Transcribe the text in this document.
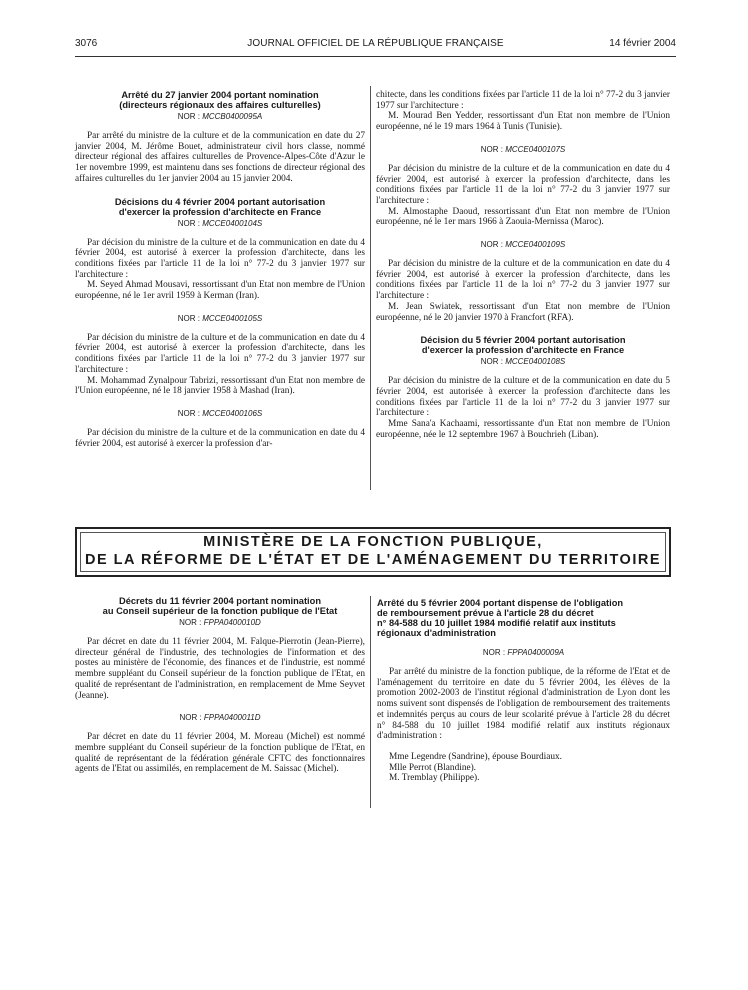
3076	JOURNAL OFFICIEL DE LA RÉPUBLIQUE FRANÇAISE	14 février 2004
Arrêté du 27 janvier 2004 portant nomination
(directeurs régionaux des affaires culturelles)
NOR : MCCB0400095A

Par arrêté du ministre de la culture et de la communication en date du 27 janvier 2004, M. Jérôme Bouet, administrateur civil hors classe, nommé directeur régional des affaires culturelles de Provence-Alpes-Côte d'Azur le 1er novembre 1999, est maintenu dans ses fonctions de directeur régional des affaires culturelles du 1er janvier 2004 au 15 janvier 2004.

Décisions du 4 février 2004 portant autorisation
d'exercer la profession d'architecte en France
NOR : MCCE0400104S

Par décision du ministre de la culture et de la communication en date du 4 février 2004, est autorisé à exercer la profession d'architecte, dans les conditions fixées par l'article 11 de la loi n° 77-2 du 3 janvier 1977 sur l'architecture :

M. Seyed Ahmad Mousavi, ressortissant d'un Etat non membre de l'Union européenne, né le 1er avril 1959 à Kerman (Iran).

NOR : MCCE0400105S

Par décision du ministre de la culture et de la communication en date du 4 février 2004, est autorisé à exercer la profession d'architecte, dans les conditions fixées par l'article 11 de la loi n° 77-2 du 3 janvier 1977 sur l'architecture :

M. Mohammad Zynalpour Tabrizi, ressortissant d'un Etat non membre de l'Union européenne, né le 18 janvier 1958 à Mashad (Iran).

NOR : MCCE0400106S

Par décision du ministre de la culture et de la communication en date du 4 février 2004, est autorisé à exercer la profession d'ar-

chitecte, dans les conditions fixées par l'article 11 de la loi n° 77-2 du 3 janvier 1977 sur l'architecture :

M. Mourad Ben Yedder, ressortissant d'un Etat non membre de l'Union européenne, né le 19 mars 1964 à Tunis (Tunisie).

NOR : MCCE0400107S

Par décision du ministre de la culture et de la communication en date du 4 février 2004, est autorisé à exercer la profession d'architecte, dans les conditions fixées par l'article 11 de la loi n° 77-2 du 3 janvier 1977 sur l'architecture :

M. Almostaphe Daoud, ressortissant d'un Etat non membre de l'Union européenne, né le 1er mars 1966 à Zaouia-Mernissa (Maroc).

NOR : MCCE0400109S

Par décision du ministre de la culture et de la communication en date du 4 février 2004, est autorisé à exercer la profession d'architecte, dans les conditions fixées par l'article 11 de la loi n° 77-2 du 3 janvier 1977 sur l'architecture :

M. Jean Swiatek, ressortissant d'un Etat non membre de l'Union européenne, né le 20 janvier 1970 à Francfort (RFA).

Décision du 5 février 2004 portant autorisation
d'exercer la profession d'architecte en France
NOR : MCCE0400108S

Par décision du ministre de la culture et de la communication en date du 5 février 2004, est autorisée à exercer la profession d'architecte dans les conditions fixées par l'article 11 de la loi n° 77-2 du 3 janvier 1977 sur l'architecture :

Mme Sana'a Kachaami, ressortissante d'un Etat non membre de l'Union européenne, née le 12 septembre 1967 à Bouchrieh (Liban).

MINISTÈRE DE LA FONCTION PUBLIQUE,
DE LA RÉFORME DE L'ÉTAT ET DE L'AMÉNAGEMENT DU TERRITOIRE
Décrets du 11 février 2004 portant nomination
au Conseil supérieur de la fonction publique de l'Etat
NOR : FPPA0400010D

Par décret en date du 11 février 2004, M. Falque-Pierrotin (Jean-Pierre), directeur général de l'industrie, des technologies de l'information et des postes au ministère de l'économie, des finances et de l'industrie, est nommé membre suppléant du Conseil supérieur de la fonction publique de l'Etat, en qualité de représentant de l'administration, en remplacement de Mme Seyvet (Jeanne).

NOR : FPPA0400011D

Par décret en date du 11 février 2004, M. Moreau (Michel) est nommé membre suppléant du Conseil supérieur de la fonction publique de l'Etat, en qualité de représentant de la fédération générale CFTC des fonctionnaires agents de l'Etat ou assimilés, en remplacement de M. Saissac (Michel).

Arrêté du 5 février 2004 portant dispense de l'obligation
de remboursement prévue à l'article 28 du décret
n° 84-588 du 10 juillet 1984 modifié relatif aux instituts
régionaux d'administration
NOR : FPPA0400009A

Par arrêté du ministre de la fonction publique, de la réforme de l'Etat et de l'aménagement du territoire en date du 5 février 2004, les élèves de la promotion 2002-2003 de l'institut régional d'administration de Lyon dont les noms suivent sont dispensés de l'obligation de remboursement des traitements et indemnités perçus au cours de leur scolarité prévue à l'article 28 du décret n° 84-588 du 10 juillet 1984 modifié relatif aux instituts régionaux d'administration :

Mme Legendre (Sandrine), épouse Bourdiaux.

Mlle Perrot (Blandine).

M. Tremblay (Philippe).
